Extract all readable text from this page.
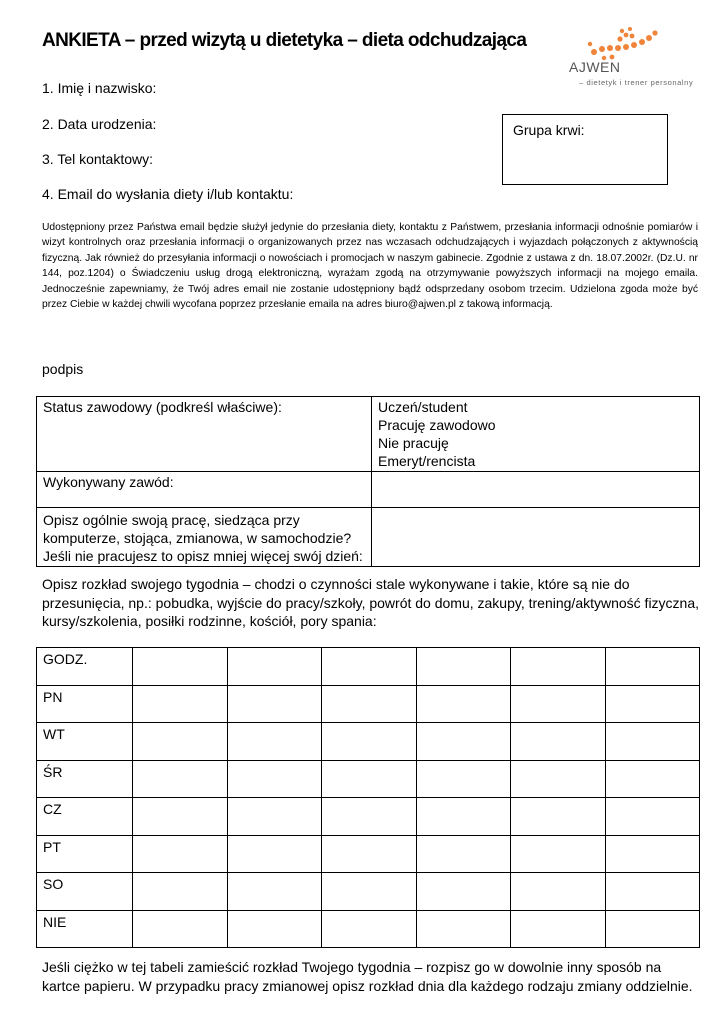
ANKIETA – przed wizytą u dietetyka – dieta odchudzająca
AJWEN
– dietetyk i trener personalny
1. Imię i nazwisko:
2. Data urodzenia:
3. Tel kontaktowy:
4. Email do wysłania diety i/lub kontaktu:
Grupa krwi:
Udostępniony przez Państwa email będzie służył jedynie do przesłania diety, kontaktu z Państwem, przesłania informacji odnośnie pomiarów i wizyt kontrolnych oraz przesłania informacji o organizowanych przez nas wczasach odchudzających i wyjazdach połączonych z aktywnością fizyczną. Jak również do przesyłania informacji o nowościach i promocjach w naszym gabinecie. Zgodnie z ustawa z dn. 18.07.2002r. (Dz.U. nr 144, poz.1204) o Świadczeniu usług drogą elektroniczną, wyrażam zgodą na otrzymywanie powyższych informacji na mojego emaila. Jednocześnie zapewniamy, że Twój adres email nie zostanie udostępniony bądź odsprzedany osobom trzecim. Udzielona zgoda może być przez Ciebie w każdej chwili wycofana poprzez przesłanie emaila na adres biuro@ajwen.pl z takową informacją.
podpis
Status zawodowy (podkreśl właściwe):	Uczeń/student
Pracuję zawodowo
Nie pracuję
Emeryt/rencista

Wykonywany zawód:	
Opisz ogólnie swoją pracę, siedząca przy komputerze, stojąca, zmianowa, w samochodzie? Jeśli nie pracujesz to opisz mniej więcej swój dzień:	
Opisz rozkład swojego tygodnia – chodzi o czynności stale wykonywane i takie, które są nie do przesunięcia, np.: pobudka, wyjście do pracy/szkoły, powrót do domu, zakupy, trening/aktywność fizyczna, kursy/szkolenia, posiłki rodzinne, kościół, pory spania:
GODZ.						
PN						
WT						
ŚR						
CZ						
PT						
SO						
NIE						
Jeśli ciężko w tej tabeli zamieścić rozkład Twojego tygodnia – rozpisz go w dowolnie inny sposób na kartce papieru. W przypadku pracy zmianowej opisz rozkład dnia dla każdego rodzaju zmiany oddzielnie.
